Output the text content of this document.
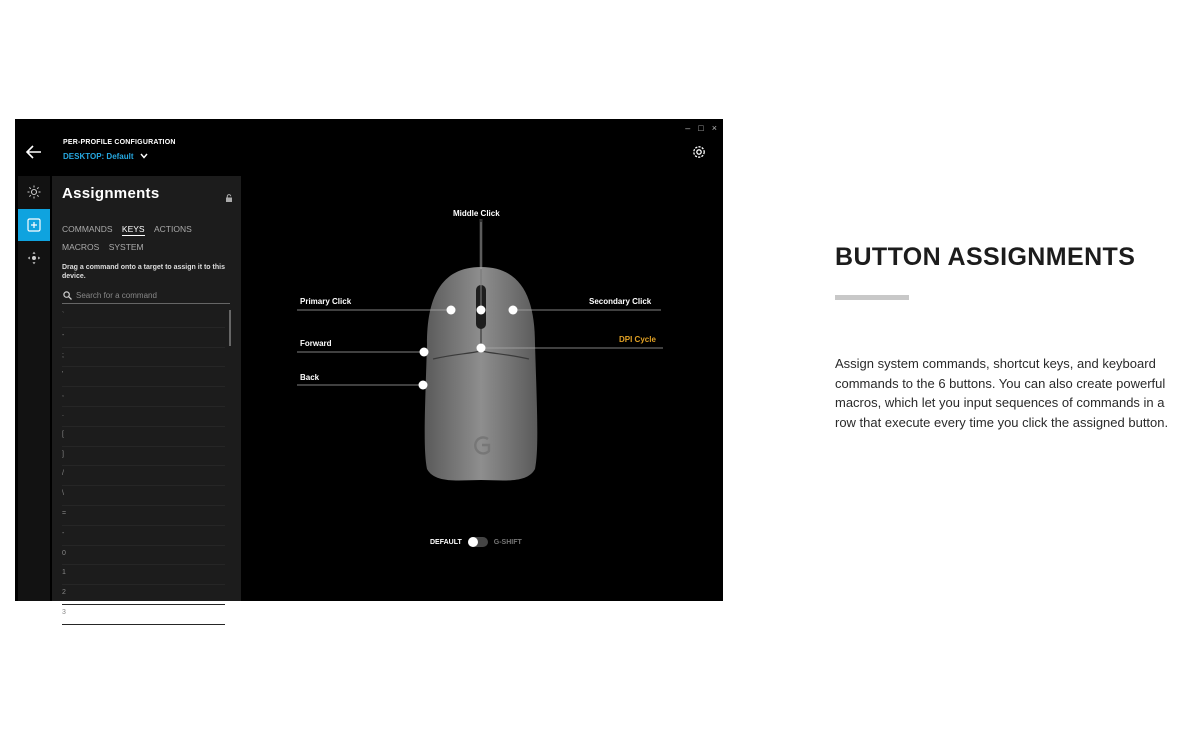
– □ ×
PER-PROFILE CONFIGURATION
DESKTOP: Default
Assignments
COMMANDS KEYS ACTIONS MACROS SYSTEM
Drag a command onto a target to assign it to this device.
Search for a command
`
-
;
'
,
.
[
]
/
\
=
-
0
1
2
3
Middle Click
Primary Click	Secondary Click
Forward	DPI Cycle
Back
DEFAULT	G-SHIFT
BUTTON ASSIGNMENTS
Assign system commands, shortcut keys, and keyboard commands to the 6 buttons. You can also create powerful macros, which let you input sequences of commands in a row that execute every time you click the assigned button.
